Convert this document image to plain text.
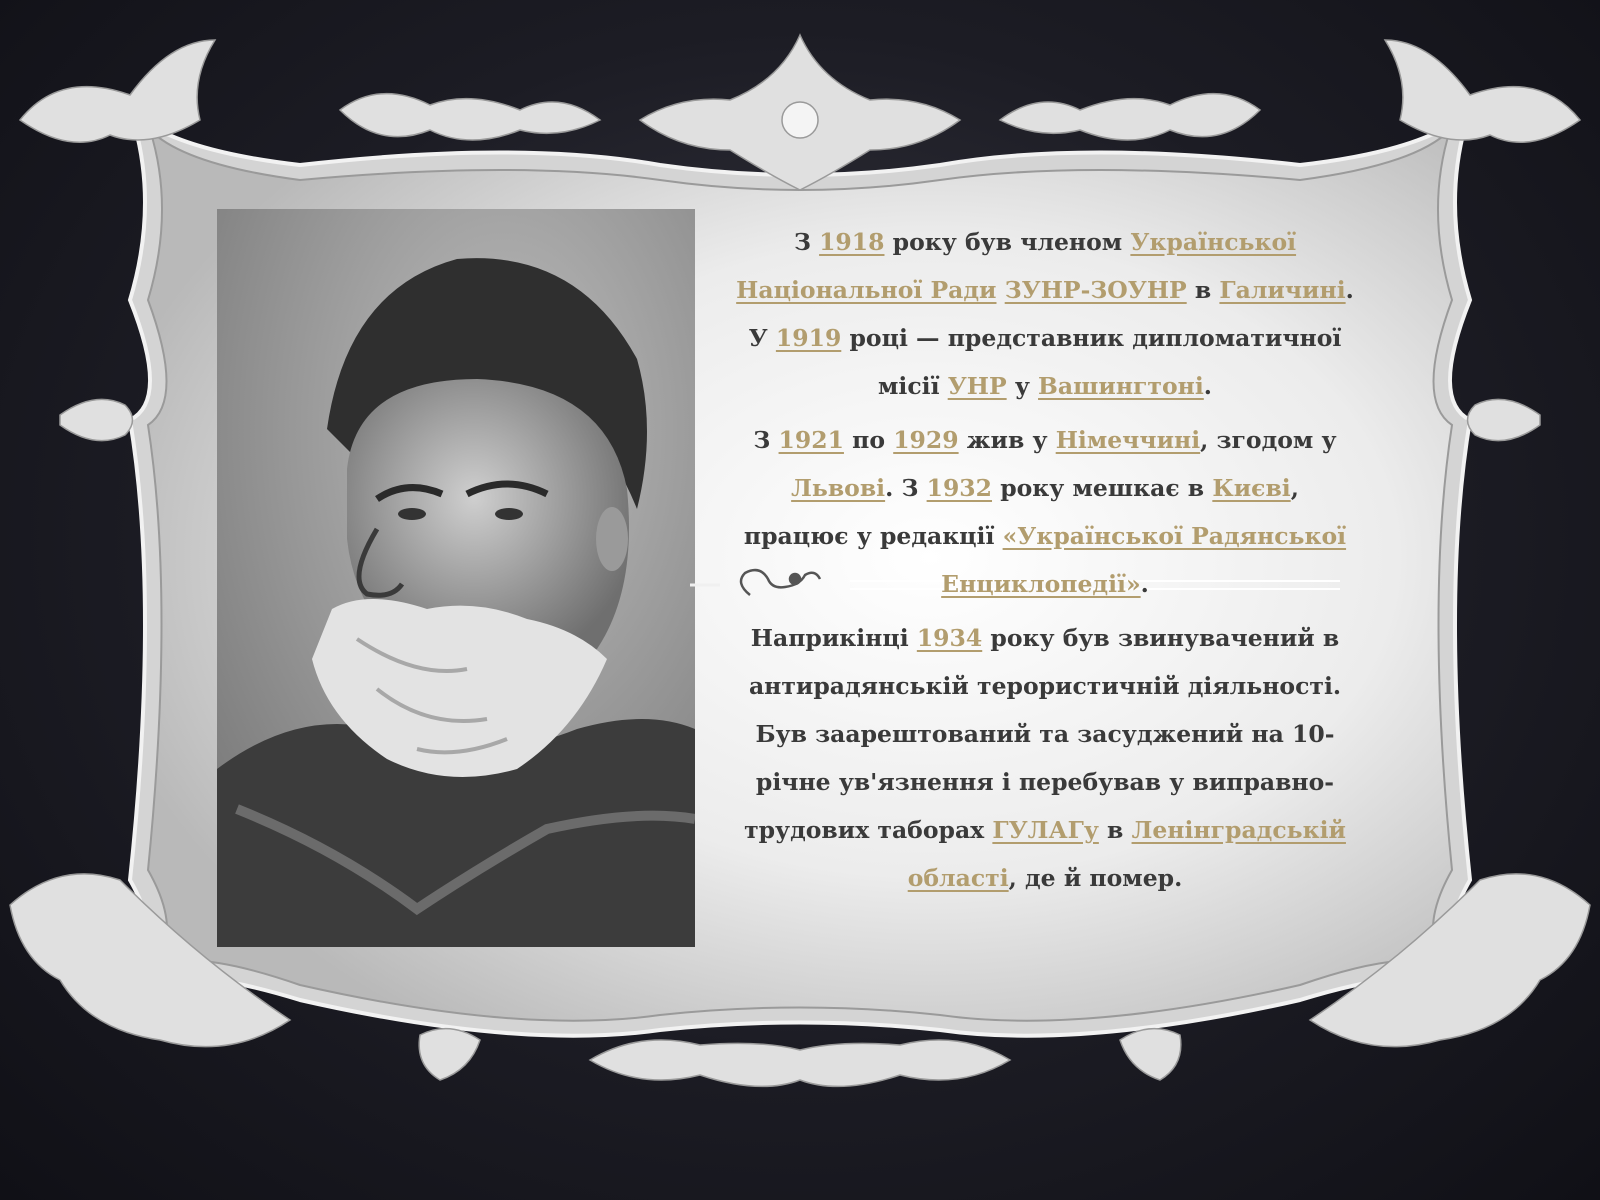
З 1918 року був членом Української Національної Ради ЗУНР-ЗОУНР в Галичині. У 1919 році — представник дипломатичної місії УНР у Вашингтоні.

З 1921 по 1929 жив у Німеччині, згодом у Львові. З 1932 року мешкає в Києві, працює у редакції «Української Радянської Енциклопедії».

Наприкінці 1934 року був звинувачений в антирадянській терористичній діяльності. Був заарештований та засуджений на 10-річне ув'язнення і перебував у виправно-трудових таборах ГУЛАГу в Ленінградській області, де й помер.
